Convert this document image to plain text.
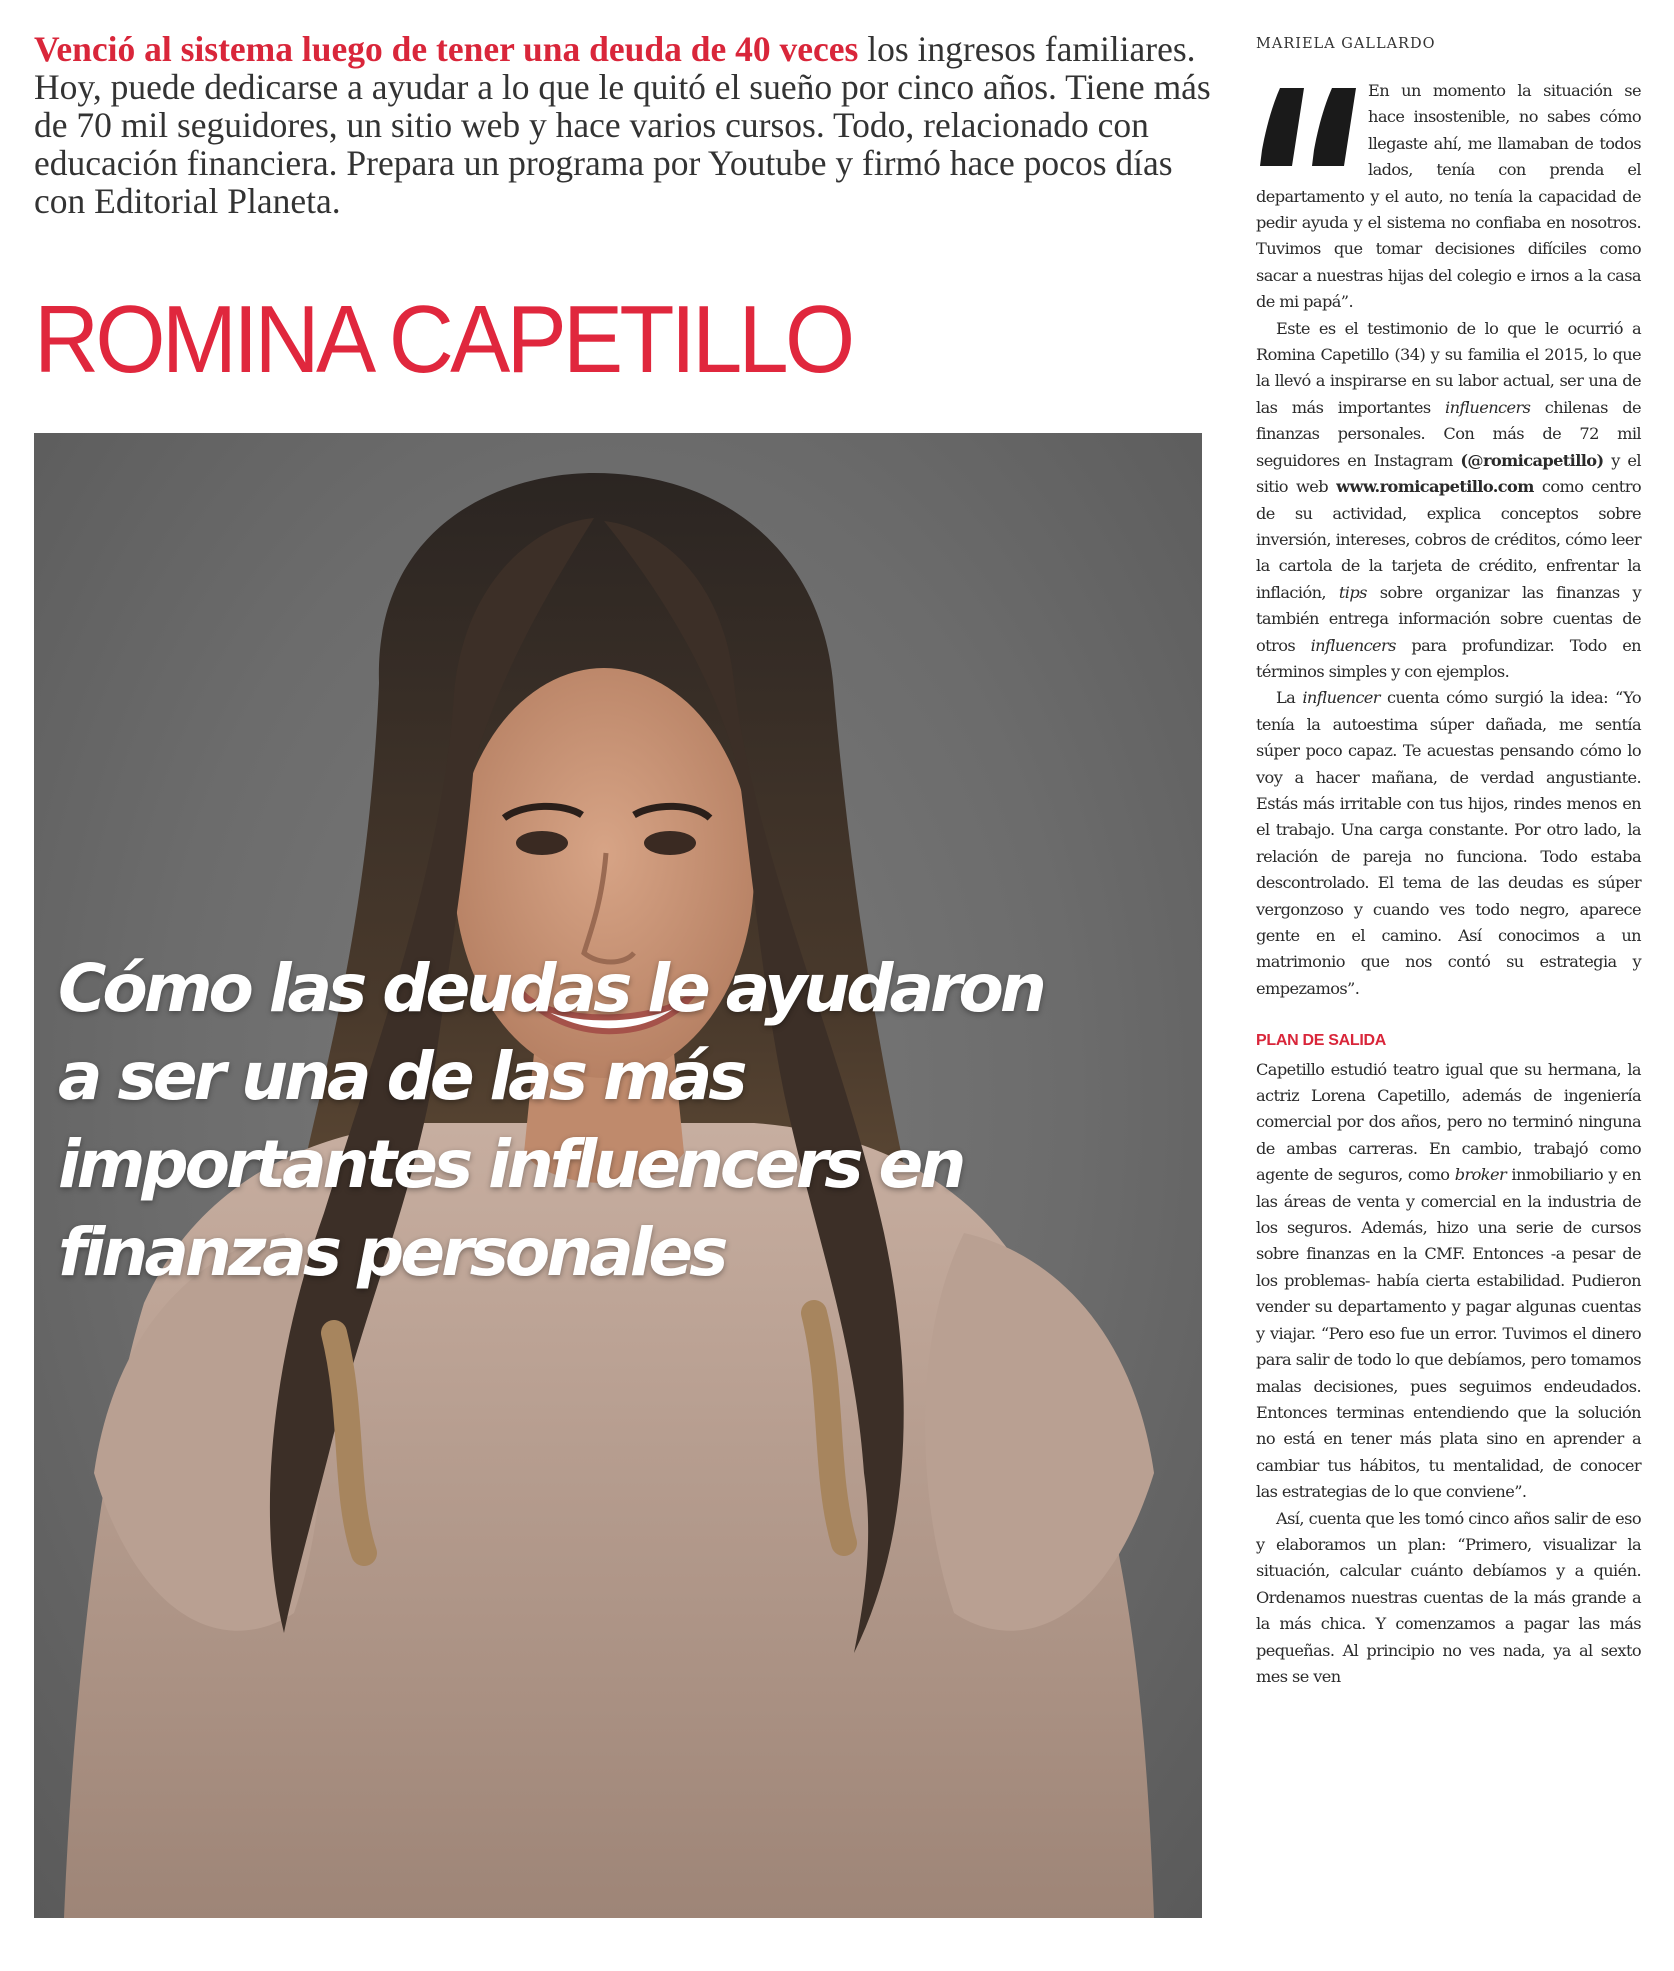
Venció al sistema luego de tener una deuda de 40 veces los ingresos familiares. Hoy, puede dedicarse a ayudar a lo que le quitó el sueño por cinco años. Tiene más de 70 mil seguidores, un sitio web y hace varios cursos. Todo, relacionado con educación financiera. Prepara un programa por Youtube y firmó hace pocos días con Editorial Planeta.

ROMINA CAPETILLO
Cómo las deudas le ayudaron a ser una de las más importantes influencers en finanzas personales

MARIELA GALLARDO

En un momento la situación se hace insostenible, no sabes cómo llegaste ahí, me llamaban de todos lados, tenía con prenda el departamento y el auto, no tenía la capacidad de pedir ayuda y el sistema no confiaba en nosotros. Tuvimos que tomar decisiones difíciles como sacar a nuestras hijas del colegio e irnos a la casa de mi papá”.

Este es el testimonio de lo que le ocurrió a Romina Capetillo (34) y su familia el 2015, lo que la llevó a inspirarse en su labor actual, ser una de las más importantes influencers chilenas de finanzas personales. Con más de 72 mil seguidores en Instagram (@romicapetillo) y el sitio web www.romicapetillo.com como centro de su actividad, explica conceptos sobre inversión, intereses, cobros de créditos, cómo leer la cartola de la tarjeta de crédito, enfrentar la inflación, tips sobre organizar las finanzas y también entrega información sobre cuentas de otros influencers para profundizar. Todo en términos simples y con ejemplos.

La influencer cuenta cómo surgió la idea: “Yo tenía la autoestima súper dañada, me sentía súper poco capaz. Te acuestas pensando cómo lo voy a hacer mañana, de verdad angustiante. Estás más irritable con tus hijos, rindes menos en el trabajo. Una carga constante. Por otro lado, la relación de pareja no funciona. Todo estaba descontrolado. El tema de las deudas es súper vergonzoso y cuando ves todo negro, aparece gente en el camino. Así conocimos a un matrimonio que nos contó su estrategia y empezamos”.

PLAN DE SALIDA

Capetillo estudió teatro igual que su hermana, la actriz Lorena Capetillo, además de ingeniería comercial por dos años, pero no terminó ninguna de ambas carreras. En cambio, trabajó como agente de seguros, como broker inmobiliario y en las áreas de venta y comercial en la industria de los seguros. Además, hizo una serie de cursos sobre finanzas en la CMF. Entonces -a pesar de los problemas- había cierta estabilidad. Pudieron vender su departamento y pagar algunas cuentas y viajar. “Pero eso fue un error. Tuvimos el dinero para salir de todo lo que debíamos, pero tomamos malas decisiones, pues seguimos endeudados. Entonces terminas entendiendo que la solución no está en tener más plata sino en aprender a cambiar tus hábitos, tu mentalidad, de conocer las estrategias de lo que conviene”.

Así, cuenta que les tomó cinco años salir de eso y elaboramos un plan: “Primero, visualizar la situación, calcular cuánto debíamos y a quién. Ordenamos nuestras cuentas de la más grande a la más chica. Y comenzamos a pagar las más pequeñas. Al principio no ves nada, ya al sexto mes se ven
